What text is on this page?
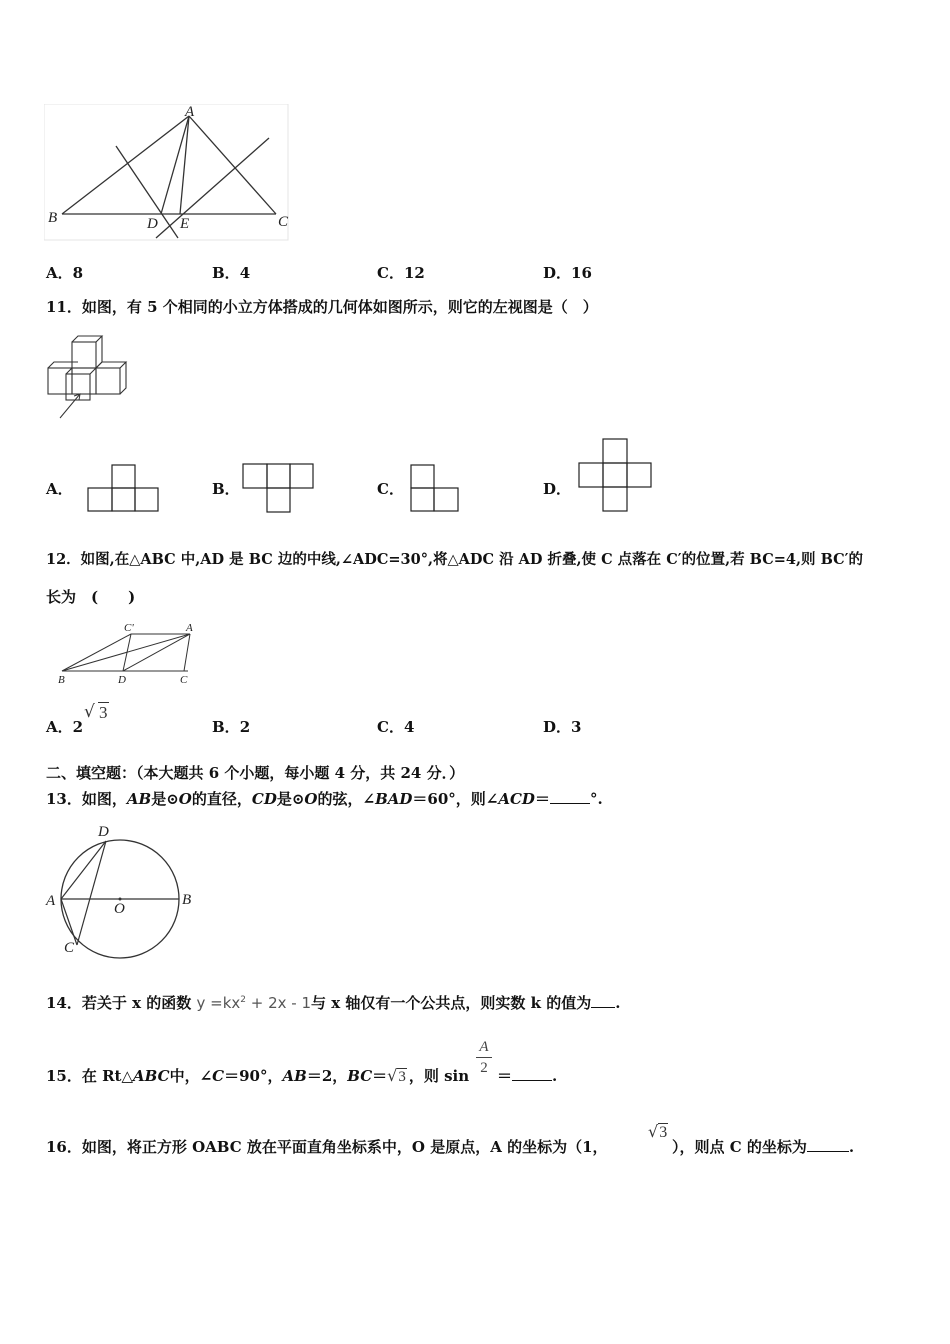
A
B	C
D E
A．8	B．4	C．12	D．16
11．如图，有 5 个相同的小立方体搭成的几何体如图所示，则它的左视图是（　）
A．	B．	C．	D．
12．如图,在△ABC 中,AD 是 BC 边的中线,∠ADC=30°,将△ADC 沿 AD 折叠,使 C 点落在 C′的位置,若 BC=4,则 BC′的
长为　(　　)
C'	A
B	D	C
A．2
√ 3
B．2	C．4	D．3
二、填空题：（本大题共 6 个小题，每小题 4 分，共 24 分．）
13．如图，AB是⊙O的直径，CD是⊙O的弦，∠BAD＝60°，则∠ACD＝	°.
D
A	O
B
C
14．若关于 x 的函数 $y =kx^2 + 2x - 1$与 x 轴仅有一个公共点，则实数 k 的值为 .
15．在 Rt△ABC中，∠C＝90°，AB＝2，BC＝√3 ，则 sin
A
2 ＝	.
16．如图，将正方形 OABC 放在平面直角坐标系中，O 是原点，A 的坐标为（1，
√3
），则点 C 的坐标为	.
